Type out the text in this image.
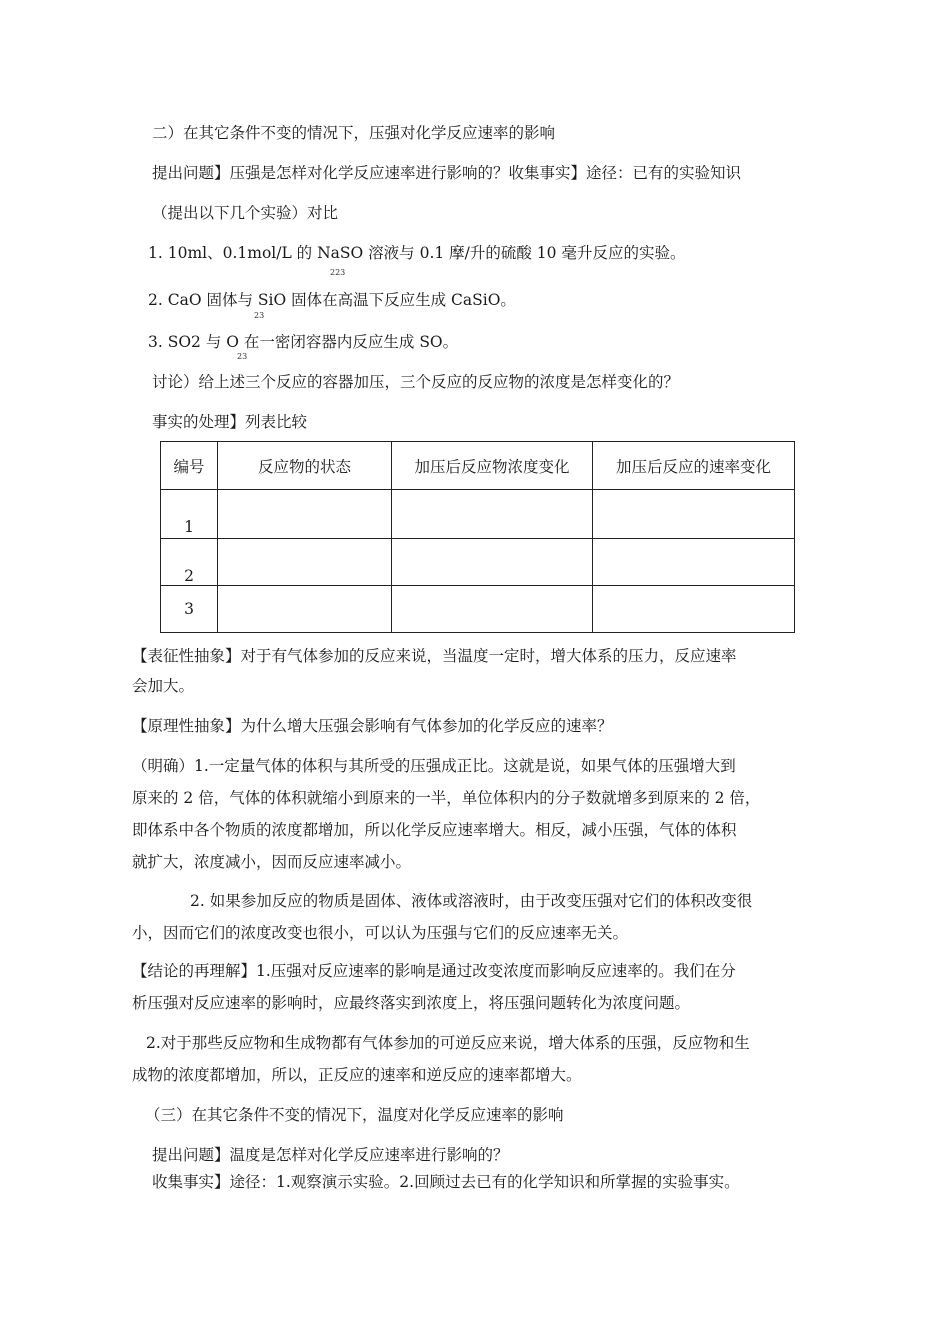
二）在其它条件不变的情况下，压强对化学反应速率的影响
提出问题】压强是怎样对化学反应速率进行影响的？收集事实】途径：已有的实验知识
（提出以下几个实验）对比
1. 10ml、0.1mol/L 的 NaSO 溶液与 0.1 摩/升的硫酸 10 毫升反应的实验。
223
2. CaO 固体与 SiO 固体在高温下反应生成 CaSiO。
23
3. SO2 与 O 在一密闭容器内反应生成 SO。
23
讨论）给上述三个反应的容器加压，三个反应的反应物的浓度是怎样变化的？
事实的处理】列表比较
编号	反应物的状态	加压后反应物浓度变化	加压后反应的速率变化
1			
2			
3			
【表征性抽象】对于有气体参加的反应来说，当温度一定时，增大体系的压力，反应速率
会加大。
【原理性抽象】为什么增大压强会影响有气体参加的化学反应的速率？
（明确）1.一定量气体的体积与其所受的压强成正比。这就是说，如果气体的压强增大到
原来的 2 倍，气体的体积就缩小到原来的一半，单位体积内的分子数就增多到原来的 2 倍，
即体系中各个物质的浓度都增加，所以化学反应速率增大。相反，减小压强，气体的体积
就扩大，浓度减小，因而反应速率减小。
2. 如果参加反应的物质是固体、液体或溶液时，由于改变压强对它们的体积改变很
小，因而它们的浓度改变也很小，可以认为压强与它们的反应速率无关。
【结论的再理解】1.压强对反应速率的影响是通过改变浓度而影响反应速率的。我们在分
析压强对反应速率的影响时，应最终落实到浓度上，将压强问题转化为浓度问题。
2.对于那些反应物和生成物都有气体参加的可逆反应来说，增大体系的压强，反应物和生
成物的浓度都增加，所以，正反应的速率和逆反应的速率都增大。
（三）在其它条件不变的情况下，温度对化学反应速率的影响
提出问题】温度是怎样对化学反应速率进行影响的？
收集事实】途径：1.观察演示实验。2.回顾过去已有的化学知识和所掌握的实验事实。
